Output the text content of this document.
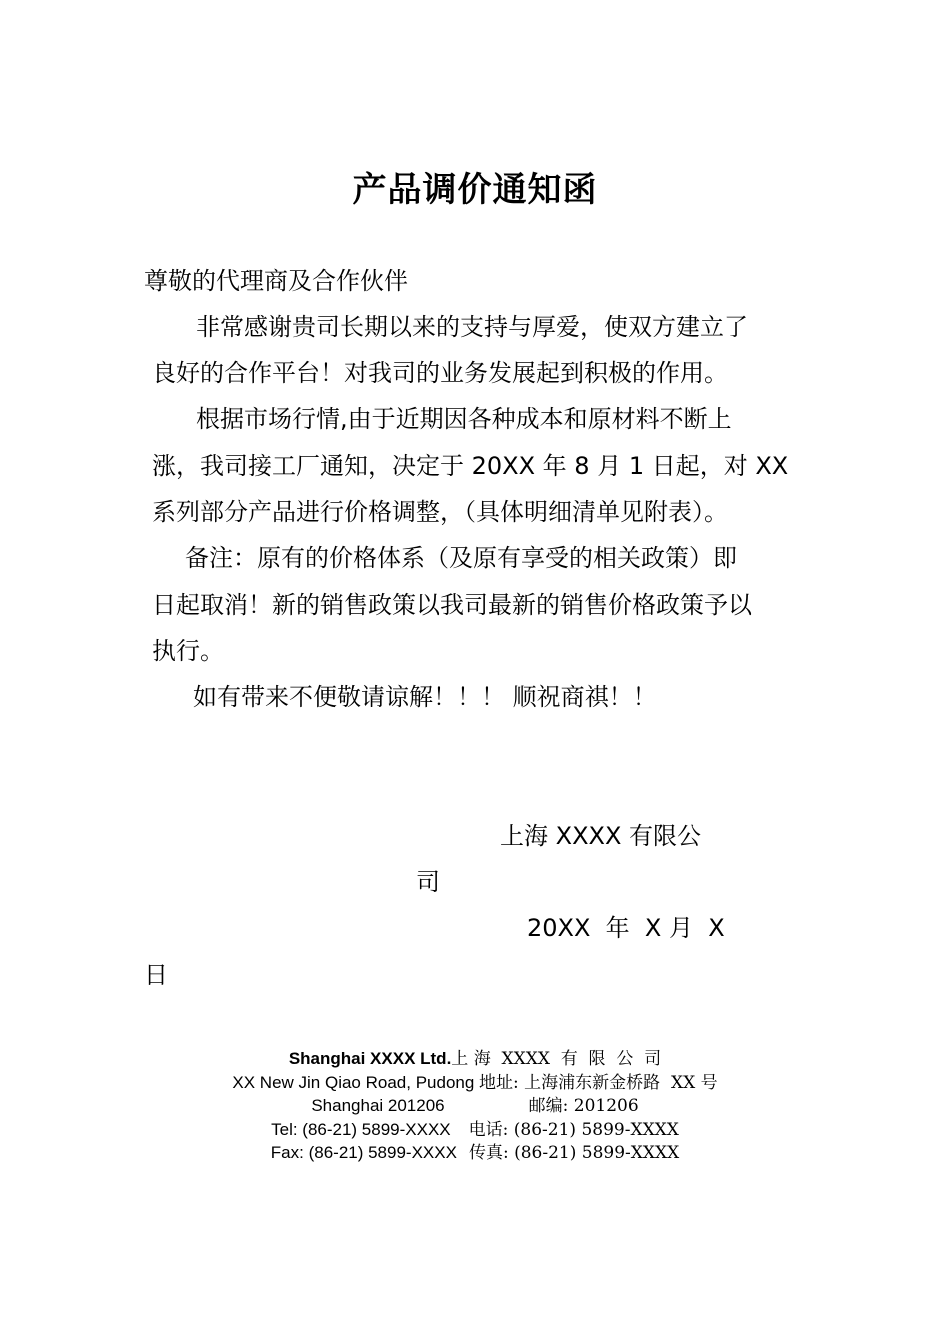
产品调价通知函
尊敬的代理商及合作伙伴
非常感谢贵司长期以来的支持与厚爱，使双方建立了
良好的合作平台！对我司的业务发展起到积极的作用。
根据市场行情,由于近期因各种成本和原材料不断上
涨，我司接工厂通知，决定于 20XX 年 8 月 1 日起，对 XX
系列部分产品进行价格调整，（具体明细清单见附表）。
备注：原有的价格体系（及原有享受的相关政策）即
日起取消！新的销售政策以我司最新的销售价格政策予以
执行。
如有带来不便敬请谅解！！！ 顺祝商祺！！
上海 XXXX 有限公
司
20XX  年  X 月  X
日
Shanghai XXXX Ltd.上 海  XXXX  有  限  公  司
XX New Jin Qiao Road, Pudong 地址: 上海浦东新金桥路  XX 号
Shanghai 201206	邮编: 201206
Tel: (86-21) 5899-XXXX 电话: (86-21) 5899-XXXX
Fax: (86-21) 5899-XXXX 传真: (86-21) 5899-XXXX
